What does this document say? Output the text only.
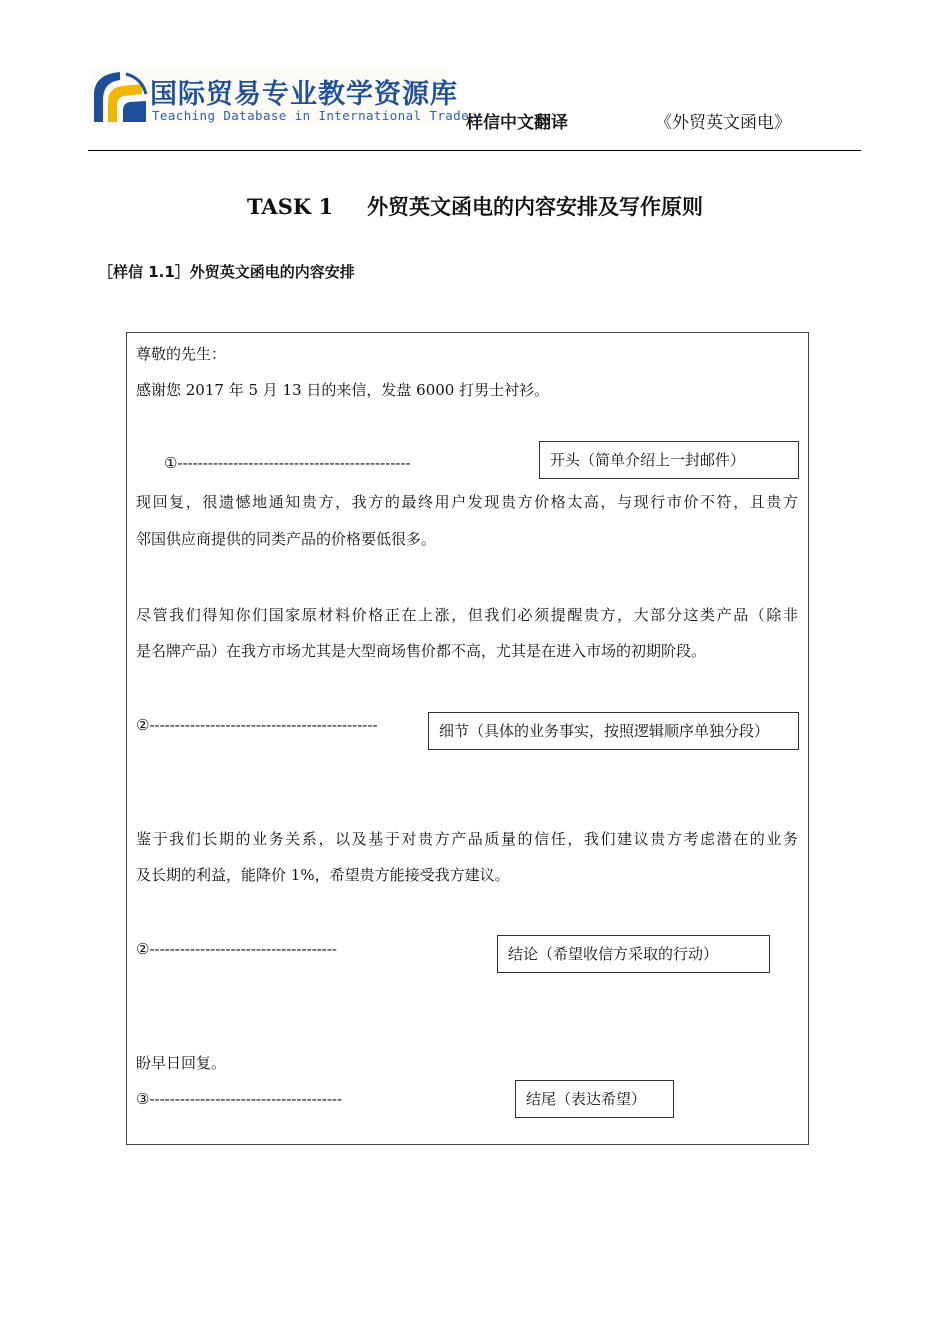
国际贸易专业教学资源库
Teaching Database in International Trade
样信中文翻译	《外贸英文函电》
TASK 1 外贸英文函电的内容安排及写作原则
［样信 1.1］外贸英文函电的内容安排
尊敬的先生：
感谢您 2017 年 5 月 13 日的来信，发盘 6000 打男士衬衫。
①----------------------------------------------	开头（简单介绍上一封邮件）
现回复，很遗憾地通知贵方，我方的最终用户发现贵方价格太高，与现行市价不符，且贵方
邻国供应商提供的同类产品的价格要低很多。
尽管我们得知你们国家原材料价格正在上涨，但我们必须提醒贵方，大部分这类产品（除非
是名牌产品）在我方市场尤其是大型商场售价都不高，尤其是在进入市场的初期阶段。
②---------------------------------------------	细节（具体的业务事实，按照逻辑顺序单独分段）
鉴于我们长期的业务关系，以及基于对贵方产品质量的信任，我们建议贵方考虑潜在的业务
及长期的利益，能降价 1%，希望贵方能接受我方建议。
②-------------------------------------	结论（希望收信方采取的行动）
盼早日回复。
③--------------------------------------	结尾（表达希望）
